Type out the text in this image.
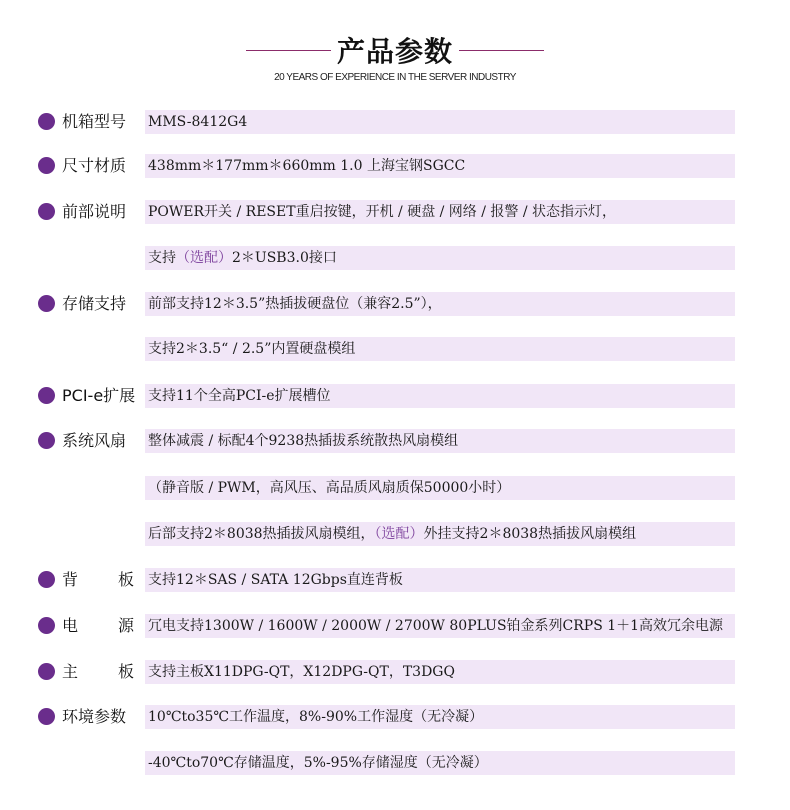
产品参数
20 YEARS OF EXPERIENCE IN THE SERVER INDUSTRY
机箱型号 MMS-8412G4
尺寸材质 438mm＊177mm＊660mm 1.0 上海宝钢SGCC
前部说明 POWER开关 / RESET重启按键，开机 / 硬盘 / 网络 / 报警 / 状态指示灯，
支持（选配）2＊USB3.0接口
存储支持 前部支持12＊3.5”热插拔硬盘位（兼容2.5”），
支持2＊3.5“ / 2.5”内置硬盘模组
PCI-e扩展 支持11个全高PCI-e扩展槽位
系统风扇 整体减震 / 标配4个9238热插拔系统散热风扇模组
（静音版 / PWM，高风压、高品质风扇质保50000小时）
后部支持2＊8038热插拔风扇模组，（选配）外挂支持2＊8038热插拔风扇模组
背 板 支持12＊SAS / SATA 12Gbps直连背板
电 源 冗电支持1300W / 1600W / 2000W / 2700W 80PLUS铂金系列CRPS 1＋1高效冗余电源
主 板 支持主板X11DPG-QT，X12DPG-QT，T3DGQ
环境参数 10℃to35℃工作温度，8%-90%工作湿度（无冷凝）
-40℃to70℃存储温度，5%-95%存储湿度（无冷凝）
